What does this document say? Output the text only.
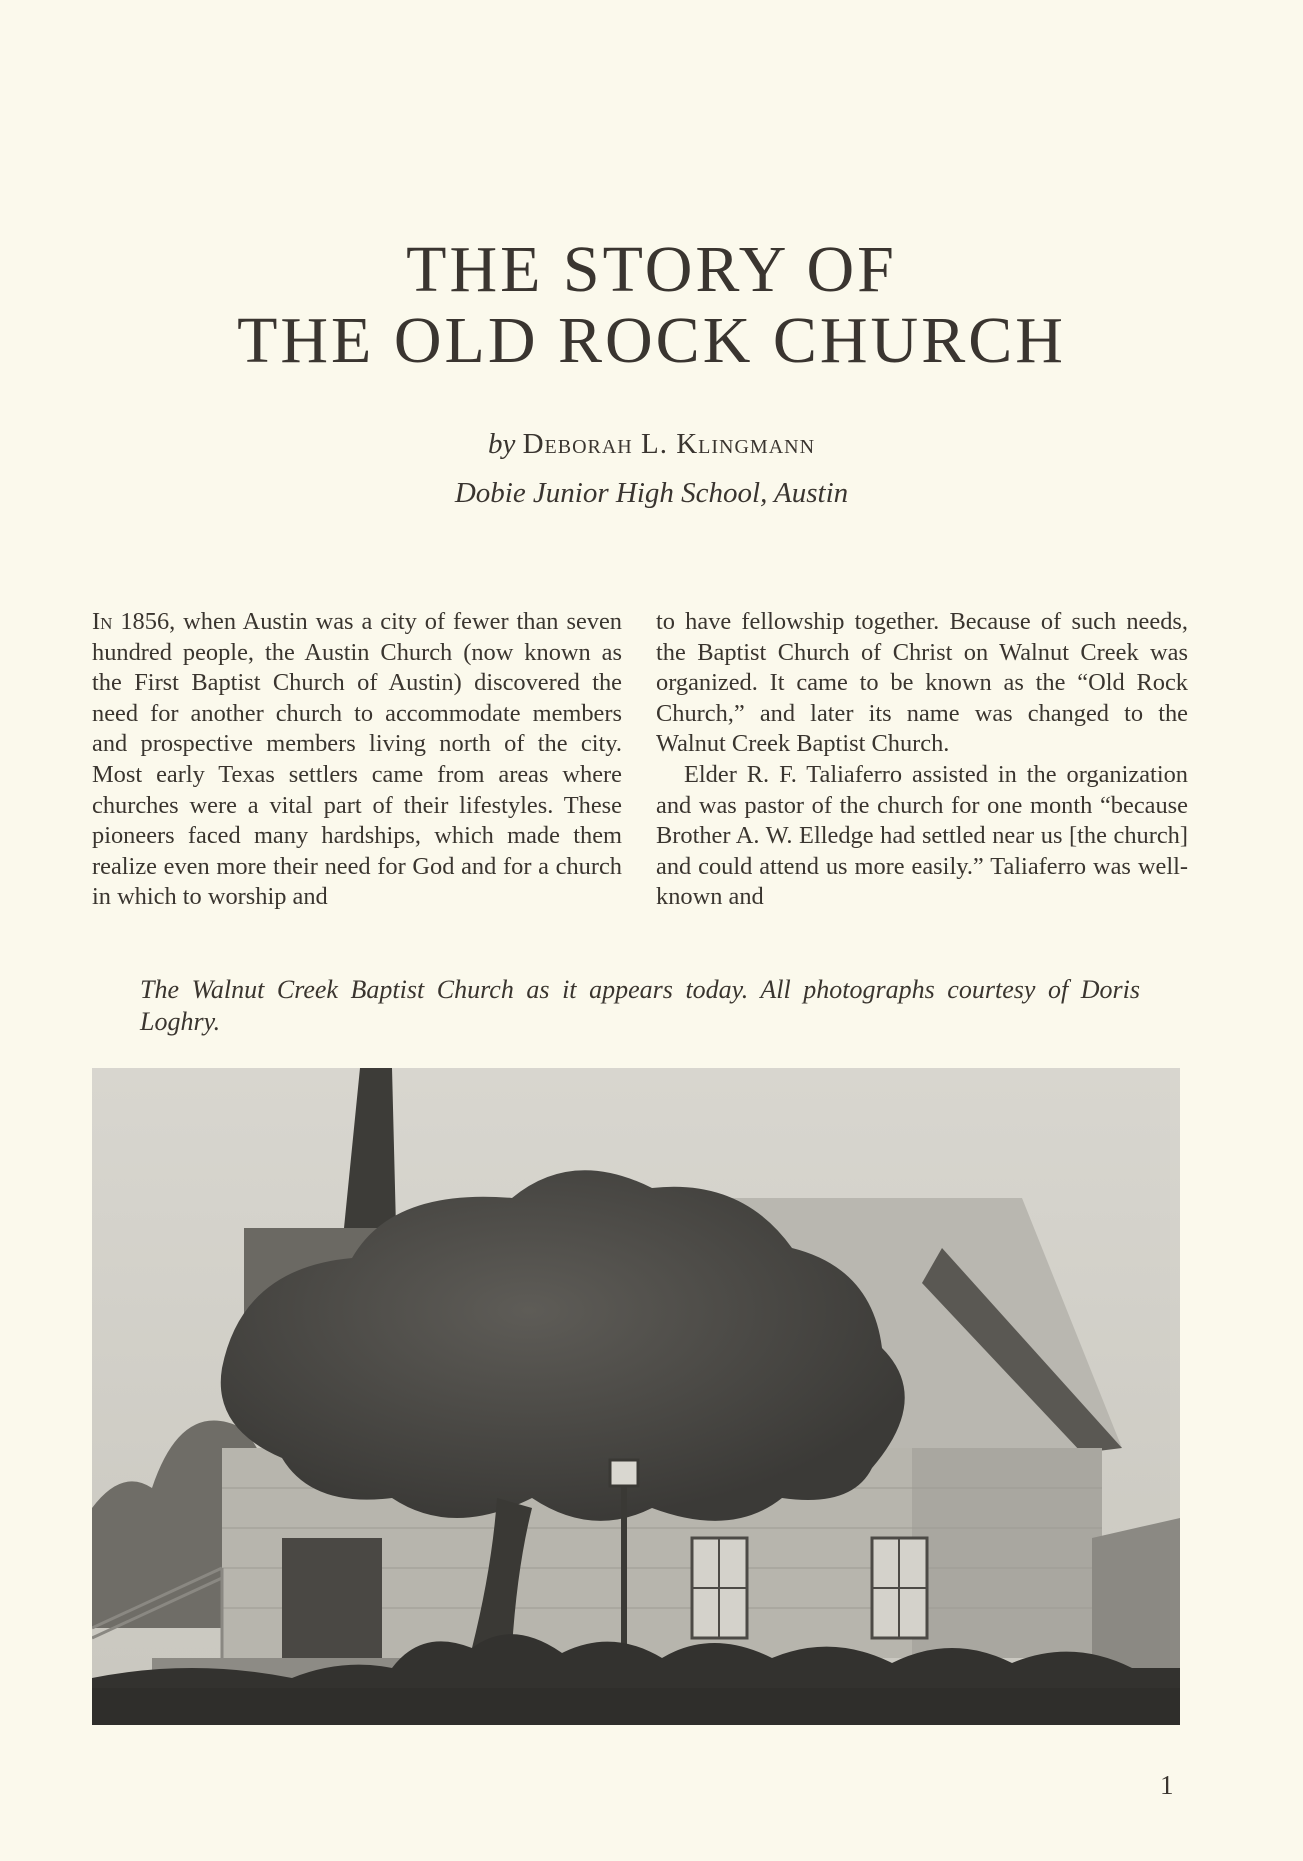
THE STORY OF
THE OLD ROCK CHURCH
by Deborah L. Klingmann
Dobie Junior High School, Austin

In 1856, when Austin was a city of fewer than seven hundred people, the Austin Church (now known as the First Baptist Church of Austin) discovered the need for another church to accommodate members and prospective members living north of the city. Most early Texas settlers came from areas where churches were a vital part of their lifestyles. These pioneers faced many hardships, which made them realize even more their need for God and for a church in which to worship and

to have fellowship together. Because of such needs, the Baptist Church of Christ on Walnut Creek was organized. It came to be known as the “Old Rock Church,” and later its name was changed to the Walnut Creek Baptist Church.

Elder R. F. Taliaferro assisted in the organization and was pastor of the church for one month “because Brother A. W. Elledge had settled near us [the church] and could attend us more easily.” Taliaferro was well-known and

The Walnut Creek Baptist Church as it appears today. All photographs courtesy of Doris Loghry.

1
